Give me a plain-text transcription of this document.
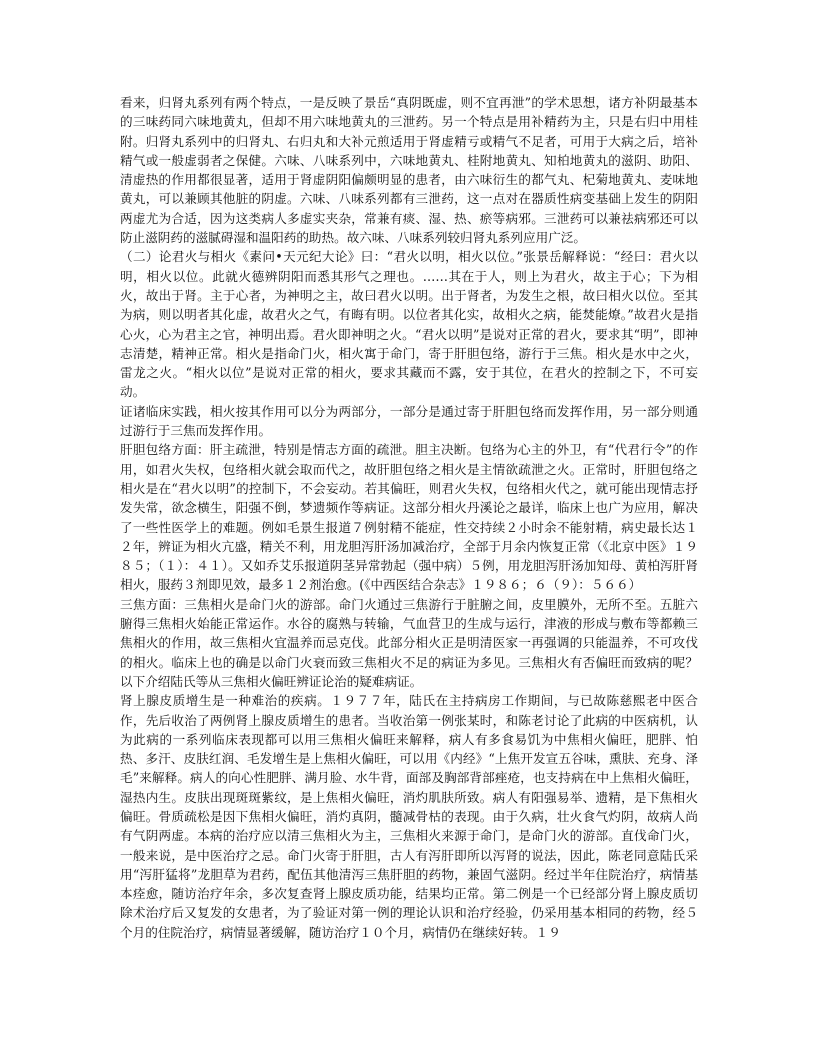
看来，归肾丸系列有两个特点，一是反映了景岳“真阴既虚，则不宜再泄”的学术思想，诸方补阴最基本的三味药同六味地黄丸，但却不用六味地黄丸的三泄药。另一个特点是用补精药为主，只是右归中用桂附。归肾丸系列中的归肾丸、右归丸和大补元煎适用于肾虚精亏或精气不足者，可用于大病之后，培补精气或一般虚弱者之保健。六味、八味系列中，六味地黄丸、桂附地黄丸、知柏地黄丸的滋阴、助阳、清虚热的作用都很显著，适用于肾虚阴阳偏颇明显的患者，由六味衍生的都气丸、杞菊地黄丸、麦味地黄丸，可以兼顾其他脏的阴虚。六味、八味系列都有三泄药，这一点对在器质性病变基础上发生的阴阳两虚尤为合适，因为这类病人多虚实夹杂，常兼有痰、湿、热、瘀等病邪。三泄药可以兼祛病邪还可以防止滋阴药的滋腻碍湿和温阳药的助热。故六味、八味系列较归肾丸系列应用广泛。

（二）论君火与相火《素问•天元纪大论》曰：“君火以明，相火以位。”张景岳解释说：“经曰：君火以明，相火以位。此就火德辨阴阳而悉其形气之理也。……其在于人，则上为君火，故主于心；下为相火，故出于肾。主于心者，为神明之主，故曰君火以明。出于肾者，为发生之根，故曰相火以位。至其为病，则以明者其化虚，故君火之气，有晦有明。以位者其化实，故相火之病，能焚能燎。”故君火是指心火，心为君主之官，神明出焉。君火即神明之火。“君火以明”是说对正常的君火，要求其“明”，即神志清楚，精神正常。相火是指命门火，相火寓于命门，寄于肝胆包络，游行于三焦。相火是水中之火，雷龙之火。“相火以位”是说对正常的相火，要求其藏而不露，安于其位，在君火的控制之下，不可妄动。

证诸临床实践，相火按其作用可以分为两部分，一部分是通过寄于肝胆包络而发挥作用，另一部分则通过游行于三焦而发挥作用。

肝胆包络方面：肝主疏泄，特别是情志方面的疏泄。胆主决断。包络为心主的外卫，有“代君行令”的作用，如君火失权，包络相火就会取而代之，故肝胆包络之相火是主情欲疏泄之火。正常时，肝胆包络之相火是在“君火以明”的控制下，不会妄动。若其偏旺，则君火失权，包络相火代之，就可能出现情志抒发失常，欲念横生，阳强不倒，梦遗频作等病证。这部分相火丹溪论之最详，临床上也广为应用，解决了一些性医学上的难题。例如毛景生报道７例射精不能症，性交持续２小时余不能射精，病史最长达１２年，辨证为相火亢盛，精关不利，用龙胆泻肝汤加减治疗，全部于月余内恢复正常（《北京中医》１９８５；（１）：４１）。又如乔艾乐报道阴茎异常勃起（强中病）５例，用龙胆泻肝汤加知母、黄柏泻肝肾相火，服药３剂即见效，最多１２剂治愈。(《中西医结合杂志》１９８６；６（９）：５６６）

三焦方面：三焦相火是命门火的游部。命门火通过三焦游行于脏腑之间，皮里膜外，无所不至。五脏六腑得三焦相火始能正常运作。水谷的腐熟与转输，气血营卫的生成与运行，津液的形成与敷布等都赖三焦相火的作用，故三焦相火宜温养而忌克伐。此部分相火正是明清医家一再强调的只能温养，不可攻伐的相火。临床上也的确是以命门火衰而致三焦相火不足的病证为多见。三焦相火有否偏旺而致病的呢？以下介绍陆氏等从三焦相火偏旺辨证论治的疑难病证。

肾上腺皮质增生是一种难治的疾病。１９７７年，陆氏在主持病房工作期间，与已故陈慈熙老中医合作，先后收治了两例肾上腺皮质增生的患者。当收治第一例张某时，和陈老讨论了此病的中医病机，认为此病的一系列临床表现都可以用三焦相火偏旺来解释，病人有多食易饥为中焦相火偏旺，肥胖、怕热、多汗、皮肤红润、毛发增生是上焦相火偏旺，可以用《内经》“上焦开发宣五谷味，熏肤、充身、泽毛”来解释。病人的向心性肥胖、满月脸、水牛背，面部及胸部背部痤疮，也支持病在中上焦相火偏旺，湿热内生。皮肤出现斑斑紫纹，是上焦相火偏旺，消灼肌肤所致。病人有阳强易举、遗精，是下焦相火偏旺。骨质疏松是因下焦相火偏旺，消灼真阴，髓减骨枯的表现。由于久病，壮火食气灼阴，故病人尚有气阴两虚。本病的治疗应以清三焦相火为主，三焦相火来源于命门，是命门火的游部。直伐命门火，一般来说，是中医治疗之忌。命门火寄于肝胆，古人有泻肝即所以泻肾的说法，因此，陈老同意陆氏采用“泻肝猛将”龙胆草为君药，配伍其他清泻三焦肝胆的药物，兼固气滋阴。经过半年住院治疗，病情基本痊愈，随访治疗年余，多次复查肾上腺皮质功能，结果均正常。第二例是一个已经部分肾上腺皮质切除术治疗后又复发的女患者，为了验证对第一例的理论认识和治疗经验，仍采用基本相同的药物，经５个月的住院治疗，病情显著缓解，随访治疗１０个月，病情仍在继续好转。１９
